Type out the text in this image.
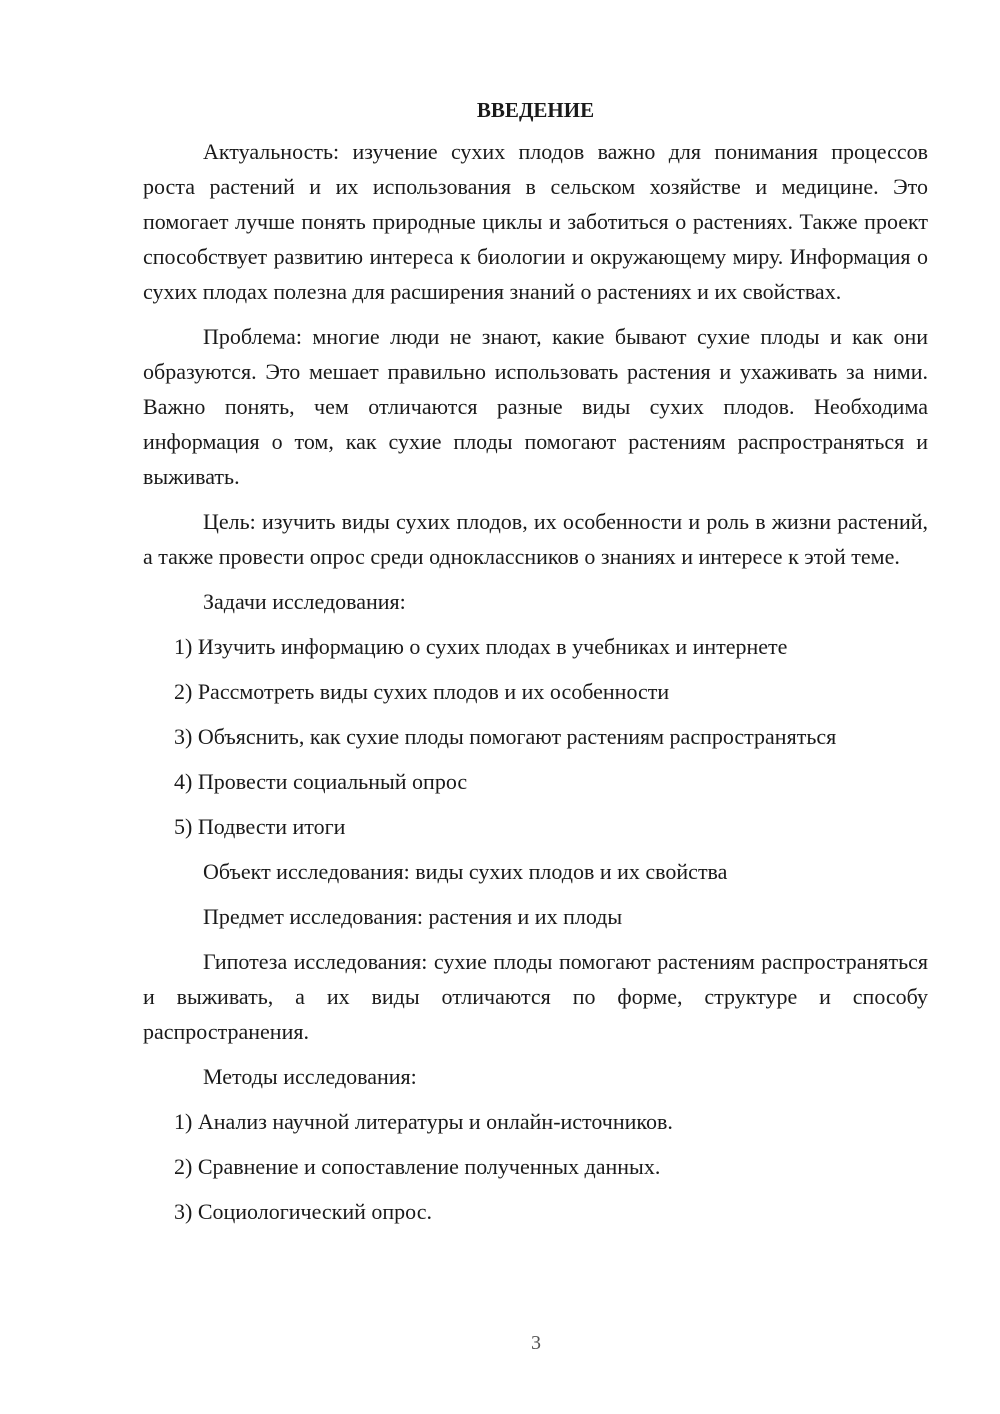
ВВЕДЕНИЕ
Актуальность: изучение сухих плодов важно для понимания процессов роста растений и их использования в сельском хозяйстве и медицине. Это помогает лучше понять природные циклы и заботиться о растениях. Также проект способствует развитию интереса к биологии и окружающему миру. Информация о сухих плодах полезна для расширения знаний о растениях и их свойствах.
Проблема: многие люди не знают, какие бывают сухие плоды и как они образуются. Это мешает правильно использовать растения и ухаживать за ними. Важно понять, чем отличаются разные виды сухих плодов. Необходима информация о том, как сухие плоды помогают растениям распространяться и выживать.
Цель: изучить виды сухих плодов, их особенности и роль в жизни растений, а также провести опрос среди одноклассников о знаниях и интересе к этой теме.
Задачи исследования:
1) Изучить информацию о сухих плодах в учебниках и интернете
2) Рассмотреть виды сухих плодов и их особенности
3) Объяснить, как сухие плоды помогают растениям распространяться
4) Провести социальный опрос
5) Подвести итоги
Объект исследования: виды сухих плодов и их свойства
Предмет исследования: растения и их плоды
Гипотеза исследования: сухие плоды помогают растениям распространяться и выживать, а их виды отличаются по форме, структуре и способу распространения.
Методы исследования:
1) Анализ научной литературы и онлайн-источников.
2) Сравнение и сопоставление полученных данных.
3) Социологический опрос.
3
